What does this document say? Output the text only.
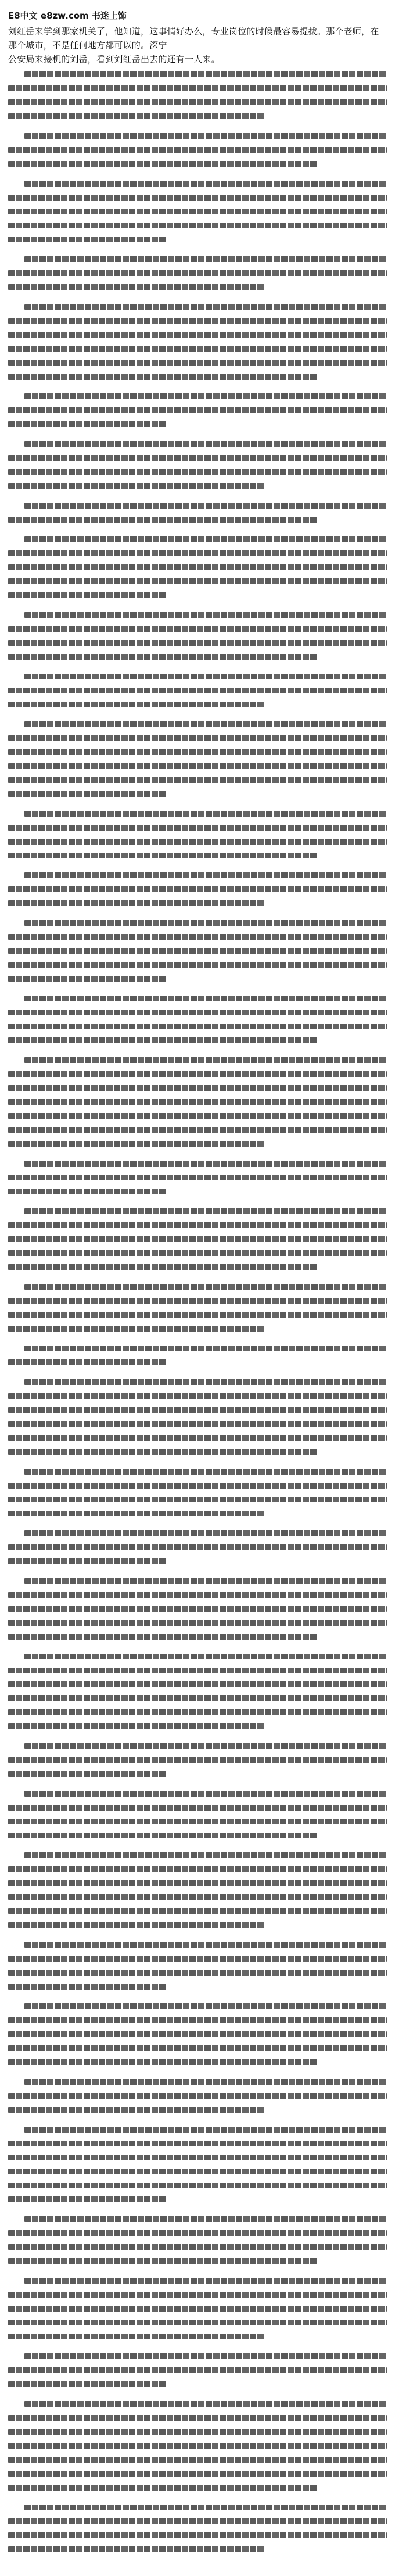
E8中文 e8zw.com 书迷上饰
刘红岳来学到那家机关了，他知道，这事情好办么，专业岗位的时候最容易提拔。那个老师，在那个城市，不是任何地方都可以的。深宁
公安局来接机的刘岳，看到刘红岳出去的还有一人来。
